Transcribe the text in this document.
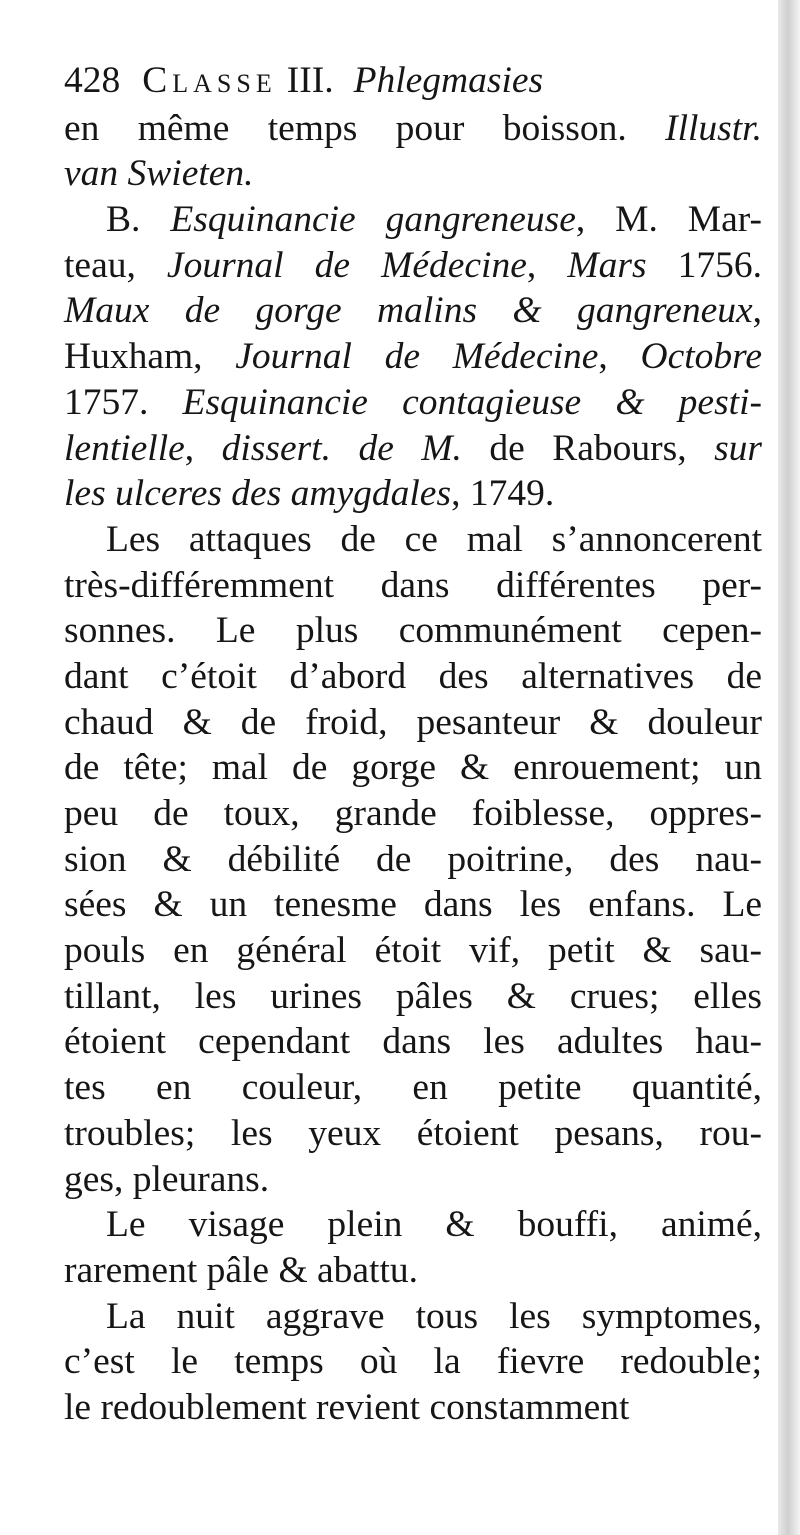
428 Classe III. Phlegmasies
en même temps pour boisson. Illustr.
van Swieten.
B. Esquinancie gangreneuse, M. Mar-
teau, Journal de Médecine, Mars 1756.
Maux de gorge malins & gangreneux,
Huxham, Journal de Médecine, Octobre
1757. Esquinancie contagieuse & pesti-
lentielle, dissert. de M. de Rabours, sur
les ulceres des amygdales, 1749.
Les attaques de ce mal s’annoncerent
très-différemment dans différentes per-
sonnes. Le plus communément cepen-
dant c’étoit d’abord des alternatives de
chaud & de froid, pesanteur & douleur
de tête; mal de gorge & enrouement; un
peu de toux, grande foiblesse, oppres-
sion & débilité de poitrine, des nau-
sées & un tenesme dans les enfans. Le
pouls en général étoit vif, petit & sau-
tillant, les urines pâles & crues; elles
étoient cependant dans les adultes hau-
tes en couleur, en petite quantité,
troubles; les yeux étoient pesans, rou-
ges, pleurans.
Le visage plein & bouffi, animé,
rarement pâle & abattu.
La nuit aggrave tous les symptomes,
c’est le temps où la fievre redouble;
le redoublement revient constamment
